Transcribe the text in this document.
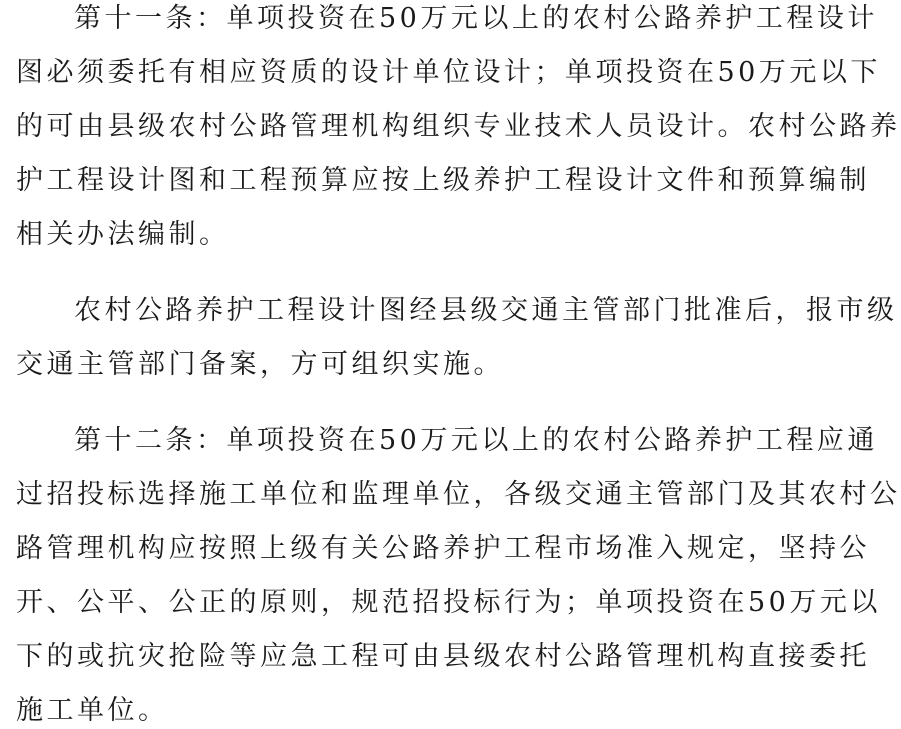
第十一条：单项投资在50万元以上的农村公路养护工程设计
图必须委托有相应资质的设计单位设计；单项投资在50万元以下
的可由县级农村公路管理机构组织专业技术人员设计。农村公路养
护工程设计图和工程预算应按上级养护工程设计文件和预算编制
相关办法编制。
农村公路养护工程设计图经县级交通主管部门批准后，报市级
交通主管部门备案，方可组织实施。
第十二条：单项投资在50万元以上的农村公路养护工程应通
过招投标选择施工单位和监理单位，各级交通主管部门及其农村公
路管理机构应按照上级有关公路养护工程市场准入规定，坚持公
开、公平、公正的原则，规范招投标行为；单项投资在50万元以
下的或抗灾抢险等应急工程可由县级农村公路管理机构直接委托
施工单位。
